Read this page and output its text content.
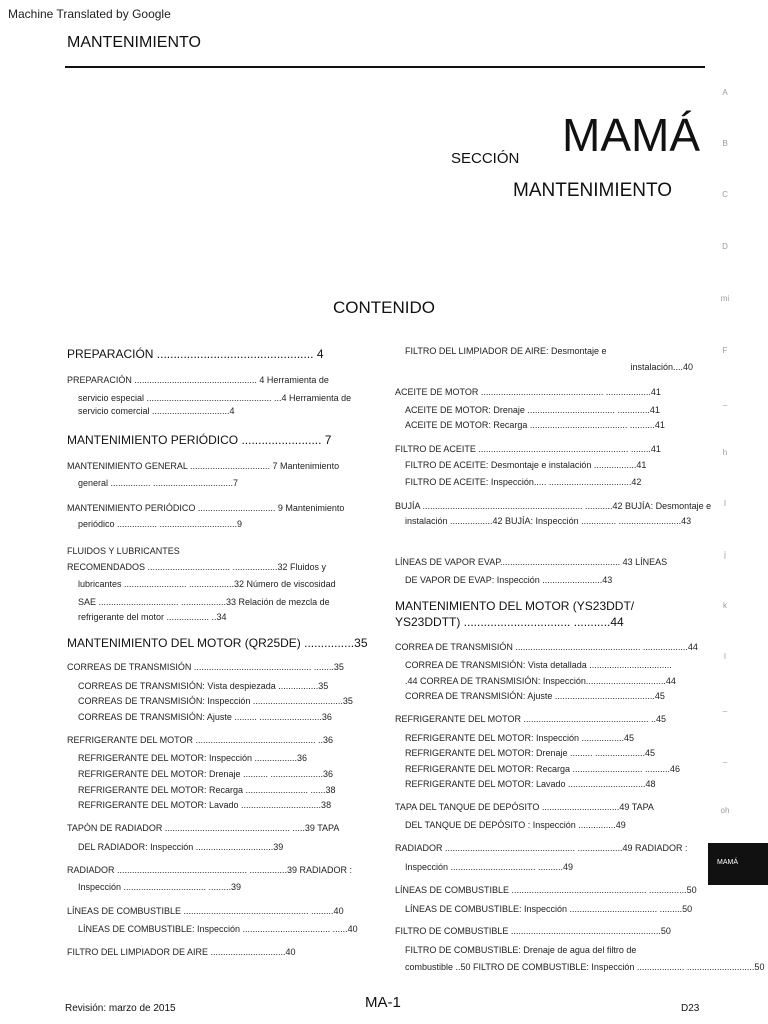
Machine Translated by Google
MANTENIMIENTO
SECCIÓN MAMÁ
MANTENIMIENTO
CONTENIDO
A
B
C
D
mi
F
_
h
I
j
k
l
_
_
oh
MAMÁ
PREPARACIÓN ............................................... 4
PREPARACIÓN ................................................. 4 Herramienta de
servicio especial .................................................. ...4 Herramienta de
servicio comercial ...............................4
MANTENIMIENTO PERIÓDICO ........................ 7
MANTENIMIENTO GENERAL ................................ 7 Mantenimiento
general ................ ................................7
MANTENIMIENTO PERIÓDICO ............................... 9 Mantenimiento
periódico ................ ...............................9
FLUIDOS Y LUBRICANTES
RECOMENDADOS ................................. ..................32 Fluidos y
lubricantes ......................... ..................32 Número de viscosidad
SAE ................................ ..................33 Relación de mezcla de
refrigerante del motor ................. ..34
MANTENIMIENTO DEL MOTOR (QR25DE) ...............35
CORREAS DE TRANSMISIÓN ............................................... ........35
CORREAS DE TRANSMISIÓN: Vista despiezada ................35
CORREAS DE TRANSMISIÓN: Inspección ....................................35
CORREAS DE TRANSMISIÓN: Ajuste ......... .........................36
REFRIGERANTE DEL MOTOR ................................................ ..36
REFRIGERANTE DEL MOTOR: Inspección .................36
REFRIGERANTE DEL MOTOR: Drenaje .......... .....................36
REFRIGERANTE DEL MOTOR: Recarga ......................... ......38
REFRIGERANTE DEL MOTOR: Lavado ................................38
TAPÓN DE RADIADOR .................................................. .....39 TAPA
DEL RADIADOR: Inspección ...............................39
RADIADOR .................................................... ...............39 RADIADOR :
Inspección ................................. .........39
LÍNEAS DE COMBUSTIBLE .................................................. .........40
LÍNEAS DE COMBUSTIBLE: Inspección ................................... ......40
FILTRO DEL LIMPIADOR DE AIRE ..............................40
FILTRO DEL LIMPIADOR DE AIRE: Desmontaje e
instalación....40
ACEITE DE MOTOR ................................................. ..................41
ACEITE DE MOTOR: Drenaje ................................... .............41
ACEITE DE MOTOR: Recarga ....................................... ..........41
FILTRO DE ACEITE ............................................................ ........41
FILTRO DE ACEITE: Desmontaje e instalación .................41
FILTRO DE ACEITE: Inspección..... .................................42
BUJÍA ................................................................ ...........42 BUJÍA: Desmontaje e
instalación .................42 BUJÍA: Inspección .............. .........................43
LÍNEAS DE VAPOR EVAP................................................ 43 LÍNEAS
DE VAPOR DE EVAP: Inspección ........................43
MANTENIMIENTO DEL MOTOR (YS23DDT/
YS23DDTT) ................................ ...........44
CORREA DE TRANSMISIÓN .................................................. ..................44
CORREA DE TRANSMISIÓN: Vista detallada .................................
.44 CORREA DE TRANSMISIÓN: Inspección................................44
CORREA DE TRANSMISIÓN: Ajuste ........................................45
REFRIGERANTE DEL MOTOR .................................................. ..45
REFRIGERANTE DEL MOTOR: Inspección .................45
REFRIGERANTE DEL MOTOR: Drenaje ......... ....................45
REFRIGERANTE DEL MOTOR: Recarga ............................ ..........46
REFRIGERANTE DEL MOTOR: Lavado ...............................48
TAPA DEL TANQUE DE DEPÓSITO ...............................49 TAPA
DEL TANQUE DE DEPÓSITO : Inspección ...............49
RADIADOR .................................................... ..................49 RADIADOR :
Inspección .................................. ..........49
LÍNEAS DE COMBUSTIBLE ...................................................... ...............50
LÍNEAS DE COMBUSTIBLE: Inspección ................................... .........50
FILTRO DE COMBUSTIBLE ............................................................50
FILTRO DE COMBUSTIBLE: Drenaje de agua del filtro de
combustible ..50 FILTRO DE COMBUSTIBLE: Inspección ................... ...........................50
Revisión: marzo de 2015	MA-1	D23
